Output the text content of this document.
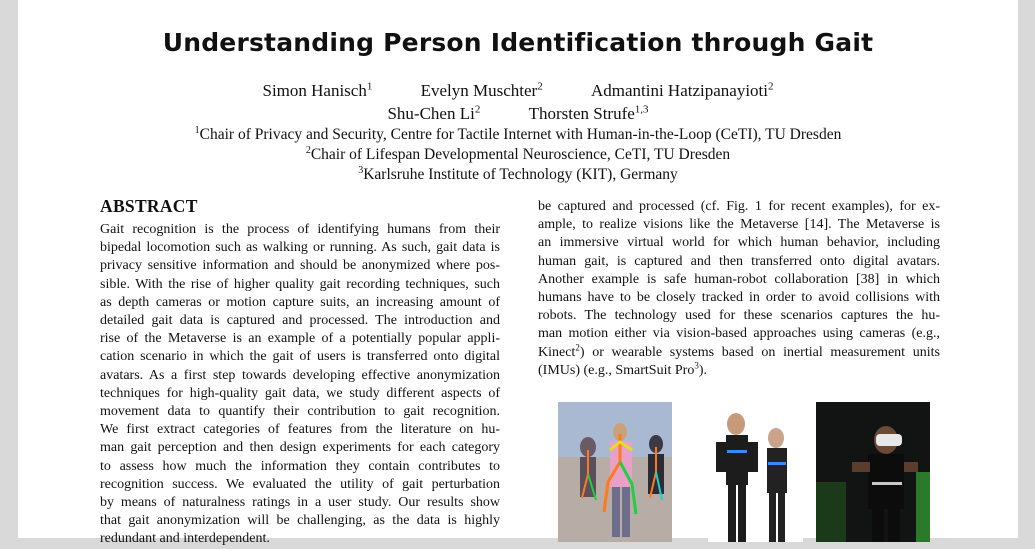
Understanding Person Identification through Gait
Simon Hanisch$^1$	Evelyn Muschter$^2$	Admantini Hatzipanayioti$^2$
Shu-Chen Li$^2$	Thorsten Strufe$^{1,3}$
$^1$Chair of Privacy and Security, Centre for Tactile Internet with Human-in-the-Loop (CeTI), TU Dresden
$^2$Chair of Lifespan Developmental Neuroscience, CeTI, TU Dresden
$^3$Karlsruhe Institute of Technology (KIT), Germany
ABSTRACT
Gait recognition is the process of identifying humans from their
bipedal locomotion such as walking or running. As such, gait data is
privacy sensitive information and should be anonymized where pos-
sible. With the rise of higher quality gait recording techniques, such
as depth cameras or motion capture suits, an increasing amount of
detailed gait data is captured and processed. The introduction and
rise of the Metaverse is an example of a potentially popular appli-
cation scenario in which the gait of users is transferred onto digital
avatars. As a first step towards developing effective anonymization
techniques for high-quality gait data, we study different aspects of
movement data to quantify their contribution to gait recognition.
We first extract categories of features from the literature on hu-
man gait perception and then design experiments for each category
to assess how much the information they contain contributes to
recognition success. We evaluated the utility of gait perturbation
by means of naturalness ratings in a user study. Our results show
that gait anonymization will be challenging, as the data is highly
redundant and interdependent.
be captured and processed (cf. Fig. 1 for recent examples), for ex-
ample, to realize visions like the Metaverse [14]. The Metaverse is
an immersive virtual world for which human behavior, including
human gait, is captured and then transferred onto digital avatars.
Another example is safe human-robot collaboration [38] in which
humans have to be closely tracked in order to avoid collisions with
robots. The technology used for these scenarios captures the hu-
man motion either via vision-based approaches using cameras (e.g.,
Kinect$^2$) or wearable systems based on inertial measurement units
(IMUs) (e.g., SmartSuit Pro$^3$).
